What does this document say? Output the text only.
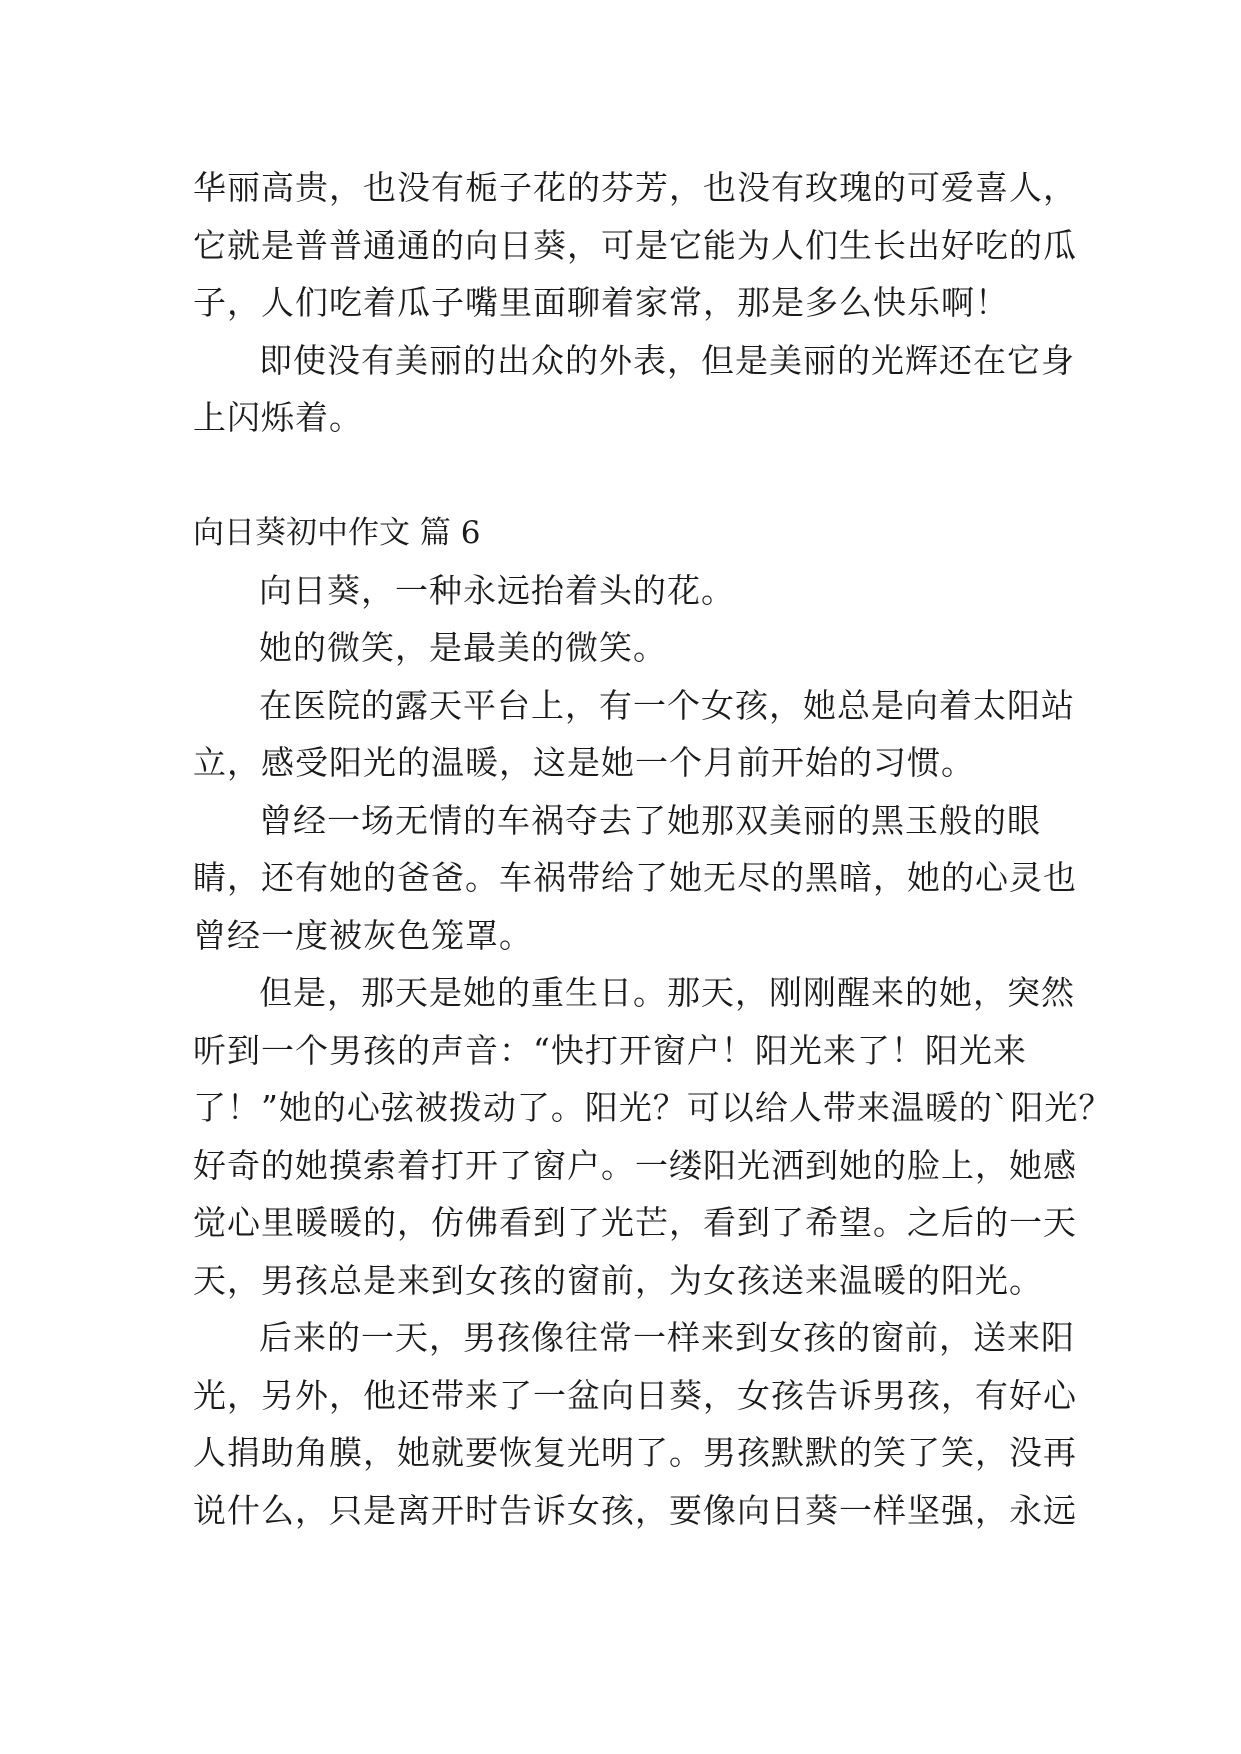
华丽高贵，也没有栀子花的芬芳，也没有玫瑰的可爱喜人，
它就是普普通通的向日葵，可是它能为人们生长出好吃的瓜
子，人们吃着瓜子嘴里面聊着家常，那是多么快乐啊！
即使没有美丽的出众的外表，但是美丽的光辉还在它身
上闪烁着。
向日葵初中作文 篇 6
向日葵，一种永远抬着头的花。
她的微笑，是最美的微笑。
在医院的露天平台上，有一个女孩，她总是向着太阳站
立，感受阳光的温暖，这是她一个月前开始的习惯。
曾经一场无情的车祸夺去了她那双美丽的黑玉般的眼
睛，还有她的爸爸。车祸带给了她无尽的黑暗，她的心灵也
曾经一度被灰色笼罩。
但是，那天是她的重生日。那天，刚刚醒来的她，突然
听到一个男孩的声音：“快打开窗户！阳光来了！阳光来
了！”她的心弦被拨动了。阳光？可以给人带来温暖的`阳光？
好奇的她摸索着打开了窗户。一缕阳光洒到她的脸上，她感
觉心里暖暖的，仿佛看到了光芒，看到了希望。之后的一天
天，男孩总是来到女孩的窗前，为女孩送来温暖的阳光。
后来的一天，男孩像往常一样来到女孩的窗前，送来阳
光，另外，他还带来了一盆向日葵，女孩告诉男孩，有好心
人捐助角膜，她就要恢复光明了。男孩默默的笑了笑，没再
说什么，只是离开时告诉女孩，要像向日葵一样坚强，永远
